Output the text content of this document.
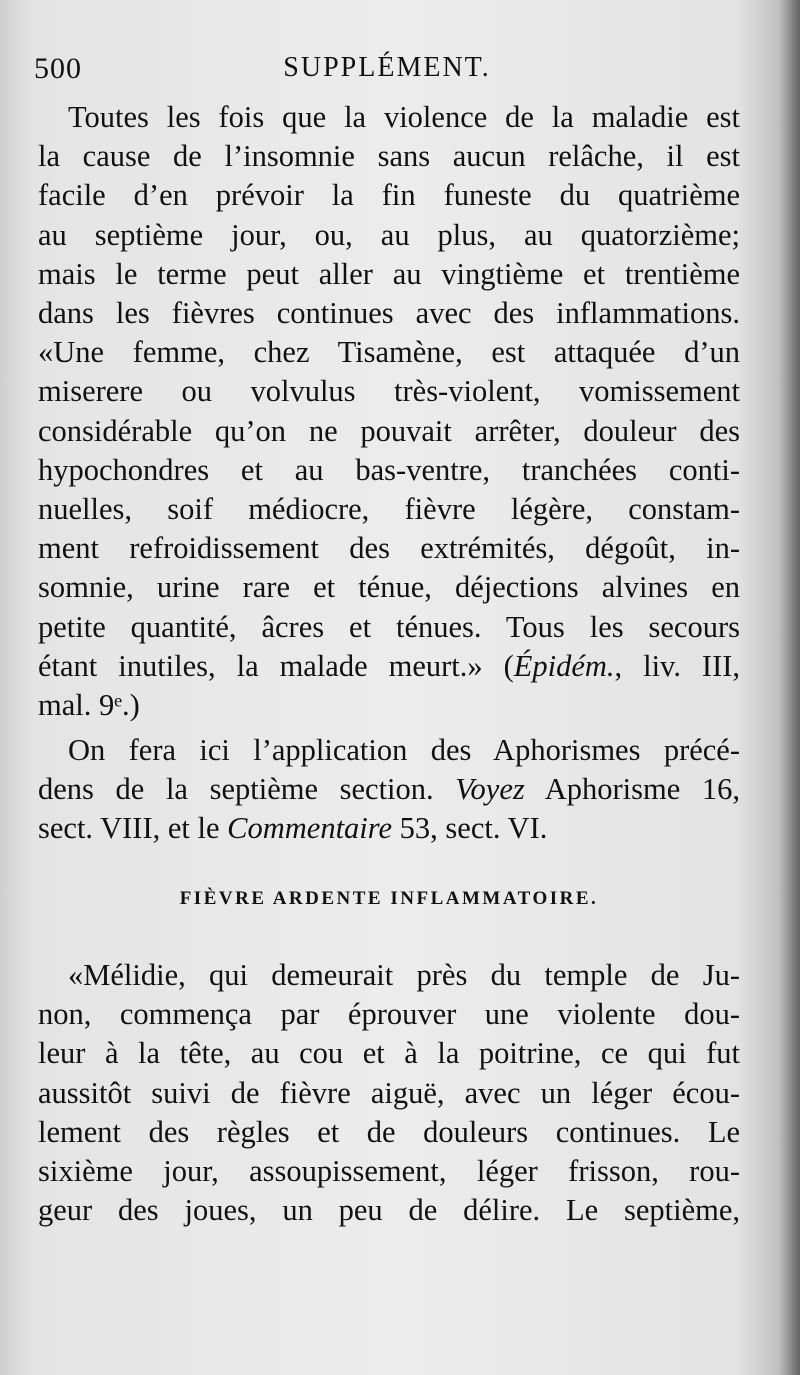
500	SUPPLÉMENT.
Toutes les fois que la violence de la maladie est
la cause de l’insomnie sans aucun relâche, il est
facile d’en prévoir la fin funeste du quatrième
au septième jour, ou, au plus, au quatorzième;
mais le terme peut aller au vingtième et trentième
dans les fièvres continues avec des inflammations.
«Une femme, chez Tisamène, est attaquée d’un
miserere ou volvulus très-violent, vomissement
considérable qu’on ne pouvait arrêter, douleur des
hypochondres et au bas-ventre, tranchées conti-
nuelles, soif médiocre, fièvre légère, constam-
ment refroidissement des extrémités, dégoût, in-
somnie, urine rare et ténue, déjections alvines en
petite quantité, âcres et ténues. Tous les secours
étant inutiles, la malade meurt.» (Épidém., liv. III,
mal. 9ᵉ.)
On fera ici l’application des Aphorismes précé-
dens de la septième section. Voyez Aphorisme 16,
sect. VIII, et le Commentaire 53, sect. VI.
FIÈVRE ARDENTE INFLAMMATOIRE.
«Mélidie, qui demeurait près du temple de Ju-
non, commença par éprouver une violente dou-
leur à la tête, au cou et à la poitrine, ce qui fut
aussitôt suivi de fièvre aiguë, avec un léger écou-
lement des règles et de douleurs continues. Le
sixième jour, assoupissement, léger frisson, rou-
geur des joues, un peu de délire. Le septième,
